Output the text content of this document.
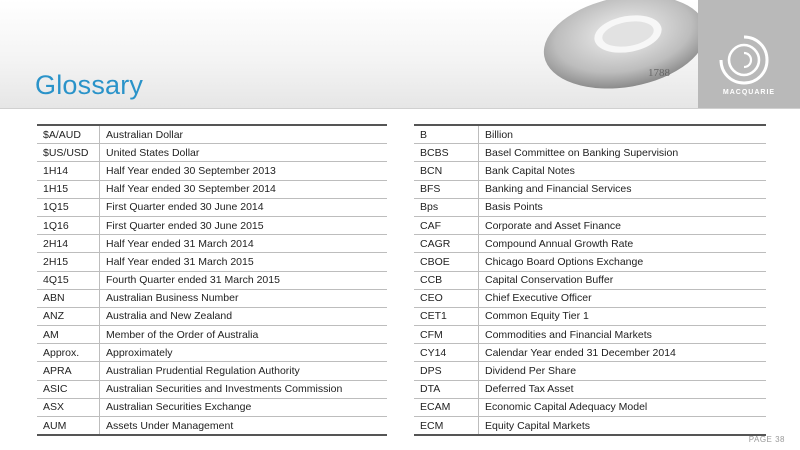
1788
Glossary	MACQUARIE
$A/AUD	Australian Dollar
$US/USD	United States Dollar
1H14	Half Year ended 30 September 2013
1H15	Half Year ended 30 September 2014
1Q15	First Quarter ended 30 June 2014
1Q16	First Quarter ended 30 June 2015
2H14	Half Year ended 31 March 2014
2H15	Half Year ended 31 March 2015
4Q15	Fourth Quarter ended 31 March 2015
ABN	Australian Business Number
ANZ	Australia and New Zealand
AM	Member of the Order of Australia
Approx.	Approximately
APRA	Australian Prudential Regulation Authority
ASIC	Australian Securities and Investments Commission
ASX	Australian Securities Exchange
AUM	Assets Under Management
B	Billion
BCBS	Basel Committee on Banking Supervision
BCN	Bank Capital Notes
BFS	Banking and Financial Services
Bps	Basis Points
CAF	Corporate and Asset Finance
CAGR	Compound Annual Growth Rate
CBOE	Chicago Board Options Exchange
CCB	Capital Conservation Buffer
CEO	Chief Executive Officer
CET1	Common Equity Tier 1
CFM	Commodities and Financial Markets
CY14	Calendar Year ended 31 December 2014
DPS	Dividend Per Share
DTA	Deferred Tax Asset
ECAM	Economic Capital Adequacy Model
ECM	Equity Capital Markets
PAGE 38
